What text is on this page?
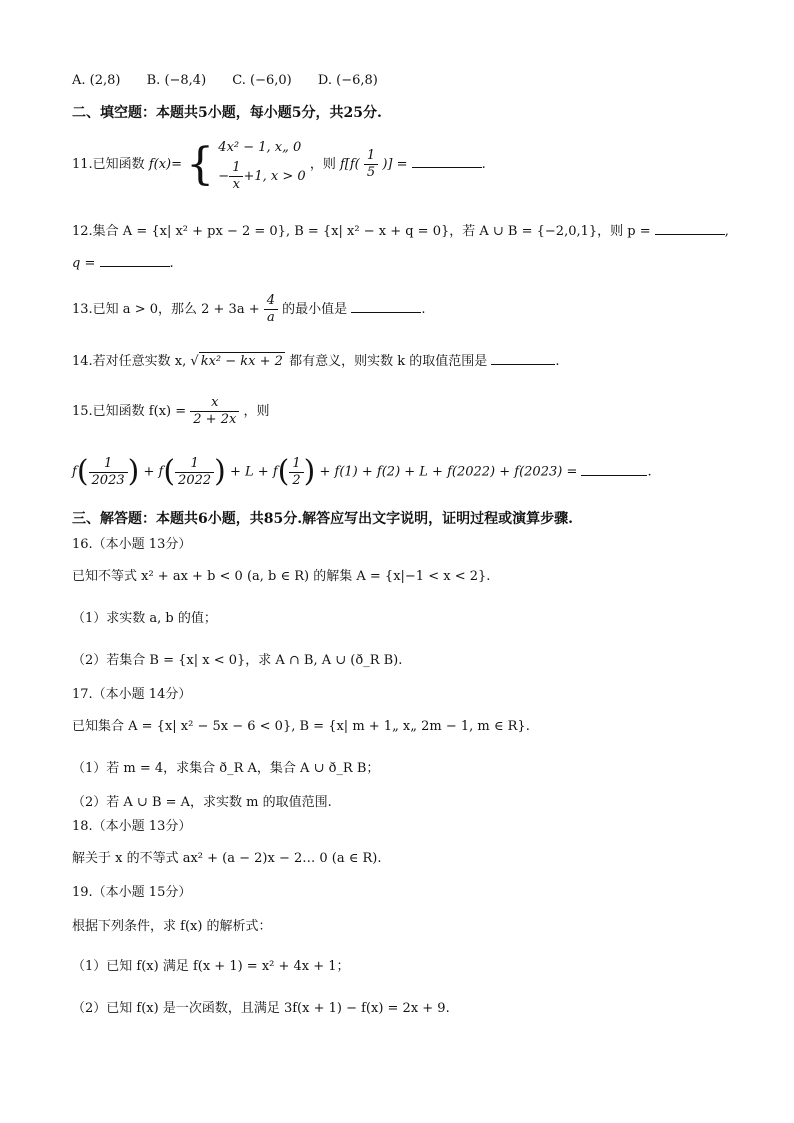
A. (2,8) B. (−8,4) C. (−6,0) D. (−6,8)
二、填空题：本题共5小题，每小题5分，共25分.
11.已知函数 f(x)= { 4x² − 1, x„ 0
− $\frac{1}{x} +1$, x > 0
，则 $f[f( \frac{1}{5}$ )] =	.
12.集合 A = {x| x² + px − 2 = 0}, B = {x| x² − x + q = 0}，若 A ∪ B = {−2,0,1}，则 p =	,
q =	.
13.已知 a > 0，那么 $2 + 3a + \frac{4}{a}$ 的最小值是	.
14.若对任意实数 x, √ kx² − kx + 2 都有意义，则实数 k 的取值范围是	.
15.已知函数 $f(x) = \frac{x}{2 + 2x}$ ，则
$f( \frac{1}{2023}$ ) + $f( \frac{1}{2022}$ ) + $L + f( \frac{1}{2}$ ) + f(1) + f(2) + L + f(2022) + f(2023) =	.
三、解答题：本题共6小题，共85分.解答应写出文字说明，证明过程或演算步骤.
16.（本小题 13分）
已知不等式 x² + ax + b < 0 (a, b ∈ R) 的解集 A = {x|−1 < x < 2}.
（1）求实数 a, b 的值；
（2）若集合 B = {x| x < 0}，求 A ∩ B, A ∪ (ð_R B).
17.（本小题 14分）
已知集合 A = {x| x² − 5x − 6 < 0}, B = {x| m + 1„ x„ 2m − 1, m ∈ R}.
（1）若 m = 4，求集合 ð_R A，集合 A ∪ ð_R B；
（2）若 A ∪ B = A，求实数 m 的取值范围.
18.（本小题 13分）
解关于 x 的不等式 ax² + (a − 2)x − 2… 0 (a ∈ R).
19.（本小题 15分）
根据下列条件，求 f(x) 的解析式：
（1）已知 f(x) 满足 f(x + 1) = x² + 4x + 1；
（2）已知 f(x) 是一次函数，且满足 3f(x + 1) − f(x) = 2x + 9.
